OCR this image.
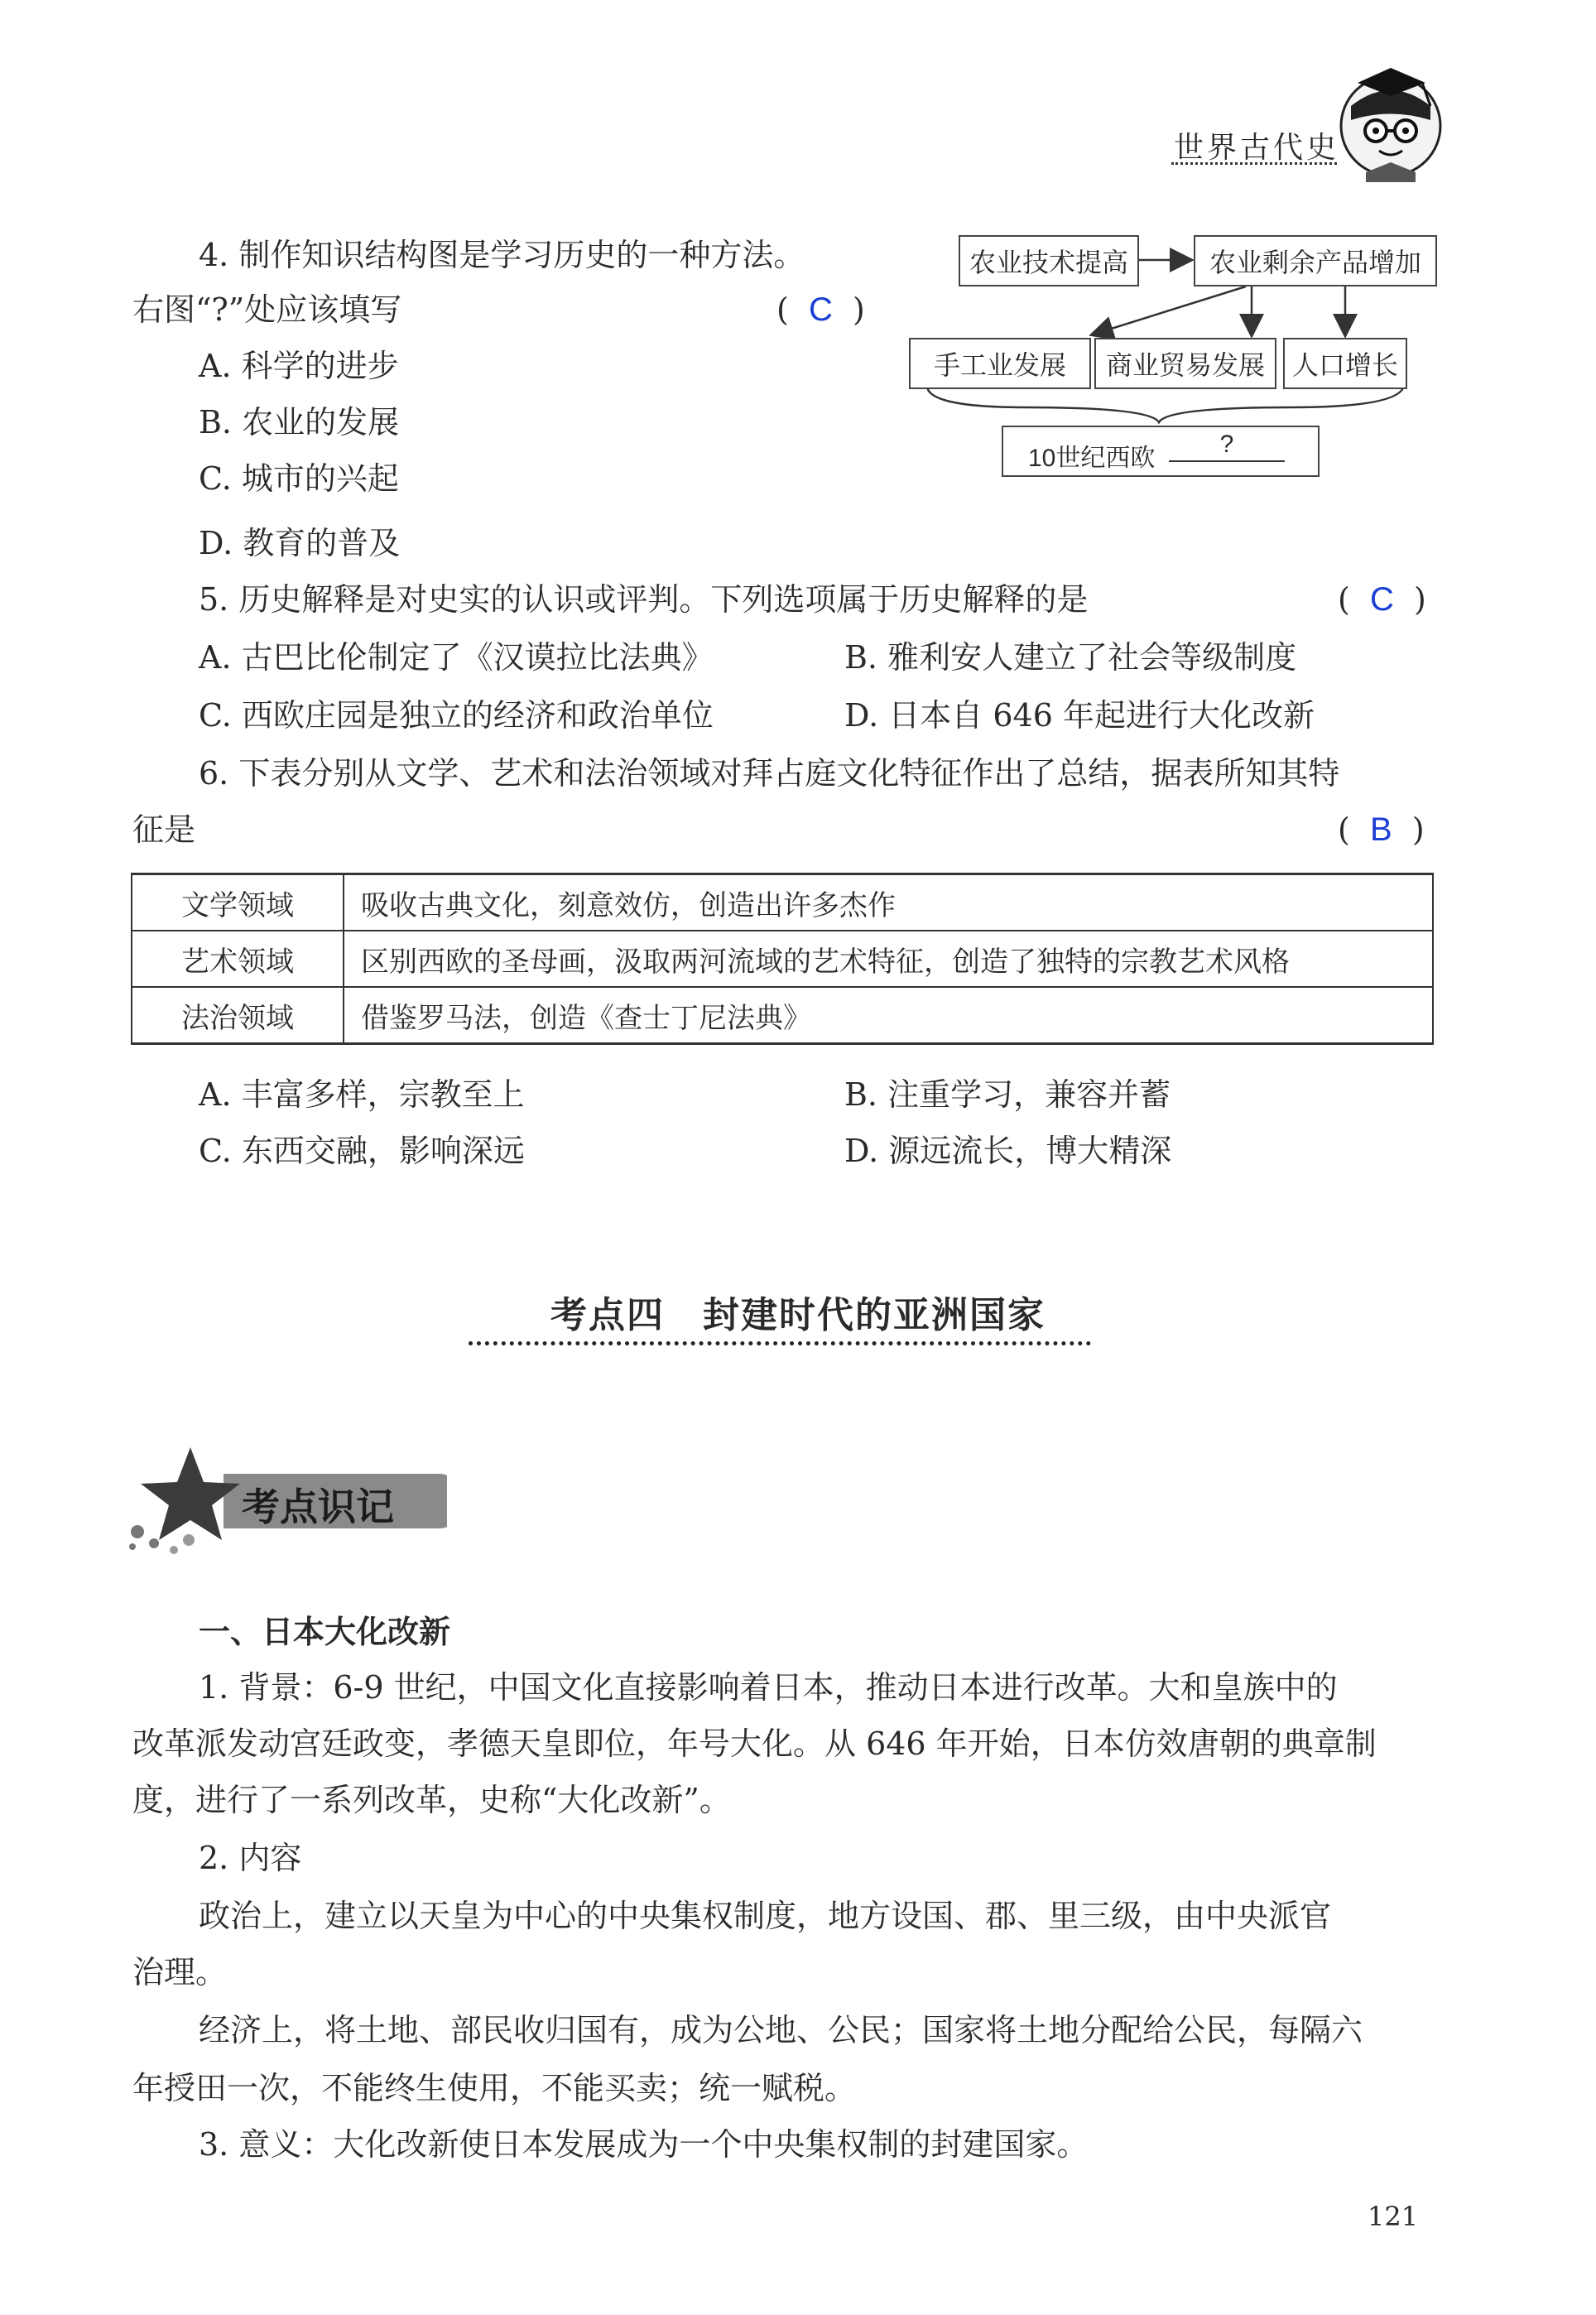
世界古代史
4. 制作知识结构图是学习历史的一种方法。
右图“?”处应该填写	(  C  )
A. 科学的进步
B. 农业的发展
C. 城市的兴起
D. 教育的普及
农业技术提高	农业剩余产品增加
手工业发展	商业贸易发展	人口增长
10世纪西欧
?
5. 历史解释是对史实的认识或评判。下列选项属于历史解释的是	(  C  )
A. 古巴比伦制定了《汉谟拉比法典》	B. 雅利安人建立了社会等级制度
C. 西欧庄园是独立的经济和政治单位	D. 日本自 646 年起进行大化改新
6. 下表分别从文学、艺术和法治领域对拜占庭文化特征作出了总结，据表所知其特
征是	(  B  )
文学领域	吸收古典文化，刻意效仿，创造出许多杰作
艺术领域	区别西欧的圣母画，汲取两河流域的艺术特征，创造了独特的宗教艺术风格
法治领域	借鉴罗马法，创造《查士丁尼法典》
A. 丰富多样，宗教至上	B. 注重学习，兼容并蓄
C. 东西交融，影响深远	D. 源远流长，博大精深
考点四　封建时代的亚洲国家
考点识记
一、日本大化改新
1. 背景：6-9 世纪，中国文化直接影响着日本，推动日本进行改革。大和皇族中的
改革派发动宫廷政变，孝德天皇即位，年号大化。从 646 年开始，日本仿效唐朝的典章制
度，进行了一系列改革，史称“大化改新”。
2. 内容
政治上，建立以天皇为中心的中央集权制度，地方设国、郡、里三级，由中央派官
治理。
经济上，将土地、部民收归国有，成为公地、公民；国家将土地分配给公民，每隔六
年授田一次，不能终生使用，不能买卖；统一赋税。
3. 意义：大化改新使日本发展成为一个中央集权制的封建国家。
121
